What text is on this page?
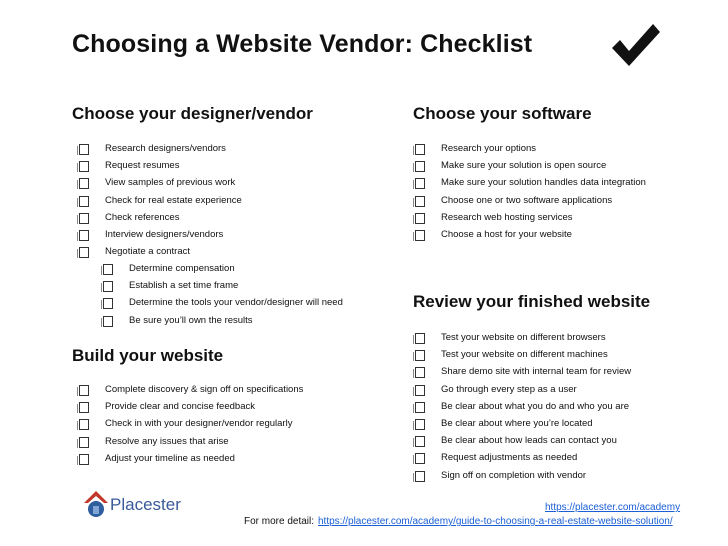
Choosing a Website Vendor: Checklist
Choose your designer/vendor
Research designers/vendors
Request resumes
View samples of previous work
Check for real estate experience
Check references
Interview designers/vendors
Negotiate a contract
Determine compensation
Establish a set time frame
Determine the tools your vendor/designer will need
Be sure you’ll own the results
Build your website
Complete discovery & sign off on specifications
Provide clear and concise feedback
Check in with your designer/vendor regularly
Resolve any issues that arise
Adjust your timeline as needed
Choose your software
Research your options
Make sure your solution is open source
Make sure your solution handles data integration
Choose one or two software applications
Research web hosting services
Choose a host for your website
Review your finished website
Test your website on different browsers
Test your website on different machines
Share demo site with internal team for review
Go through every step as a user
Be clear about what you do and who you are
Be clear about where you’re located
Be clear about how leads can contact you
Request adjustments as needed
Sign off on completion with vendor
Placester	https://placester.com/academy
For more detail: https://placester.com/academy/guide-to-choosing-a-real-estate-website-solution/
